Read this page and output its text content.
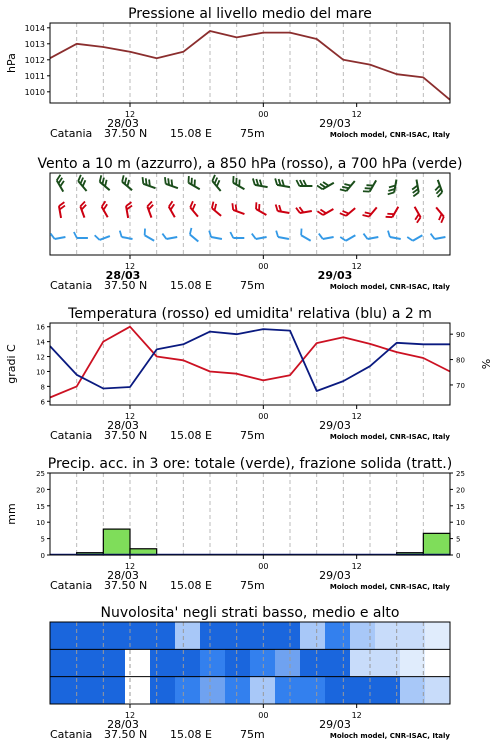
Pressione al livello medio del mare
1010
1011
1012
1013
1014
hPa
12	00	12
28/03	29/03
Catania 37.50 N 15.08 E	75m	Moloch model, CNR-ISAC, Italy
Vento a 10 m (azzurro), a 850 hPa (rosso), a 700 hPa (verde)
12	00	12
28/03	29/03
Catania 37.50 N 15.08 E	75m	Moloch model, CNR-ISAC, Italy
Temperatura (rosso) ed umidita' relativa (blu) a 2 m
6
8
10
12
14
16
70
80
90
gradi C	%
12	00	12
28/03	29/03
Catania 37.50 N 15.08 E	75m	Moloch model, CNR-ISAC, Italy
Precip. acc. in 3 ore: totale (verde), frazione solida (tratt.)
0
5
10
15
20
25
0
5
10
15
20
25
mm
12	00	12
28/03	29/03
Catania 37.50 N 15.08 E	75m	Moloch model, CNR-ISAC, Italy
Nuvolosita' negli strati basso, medio e alto
12	00	12
28/03	29/03
Catania 37.50 N 15.08 E	75m	Moloch model, CNR-ISAC, Italy
